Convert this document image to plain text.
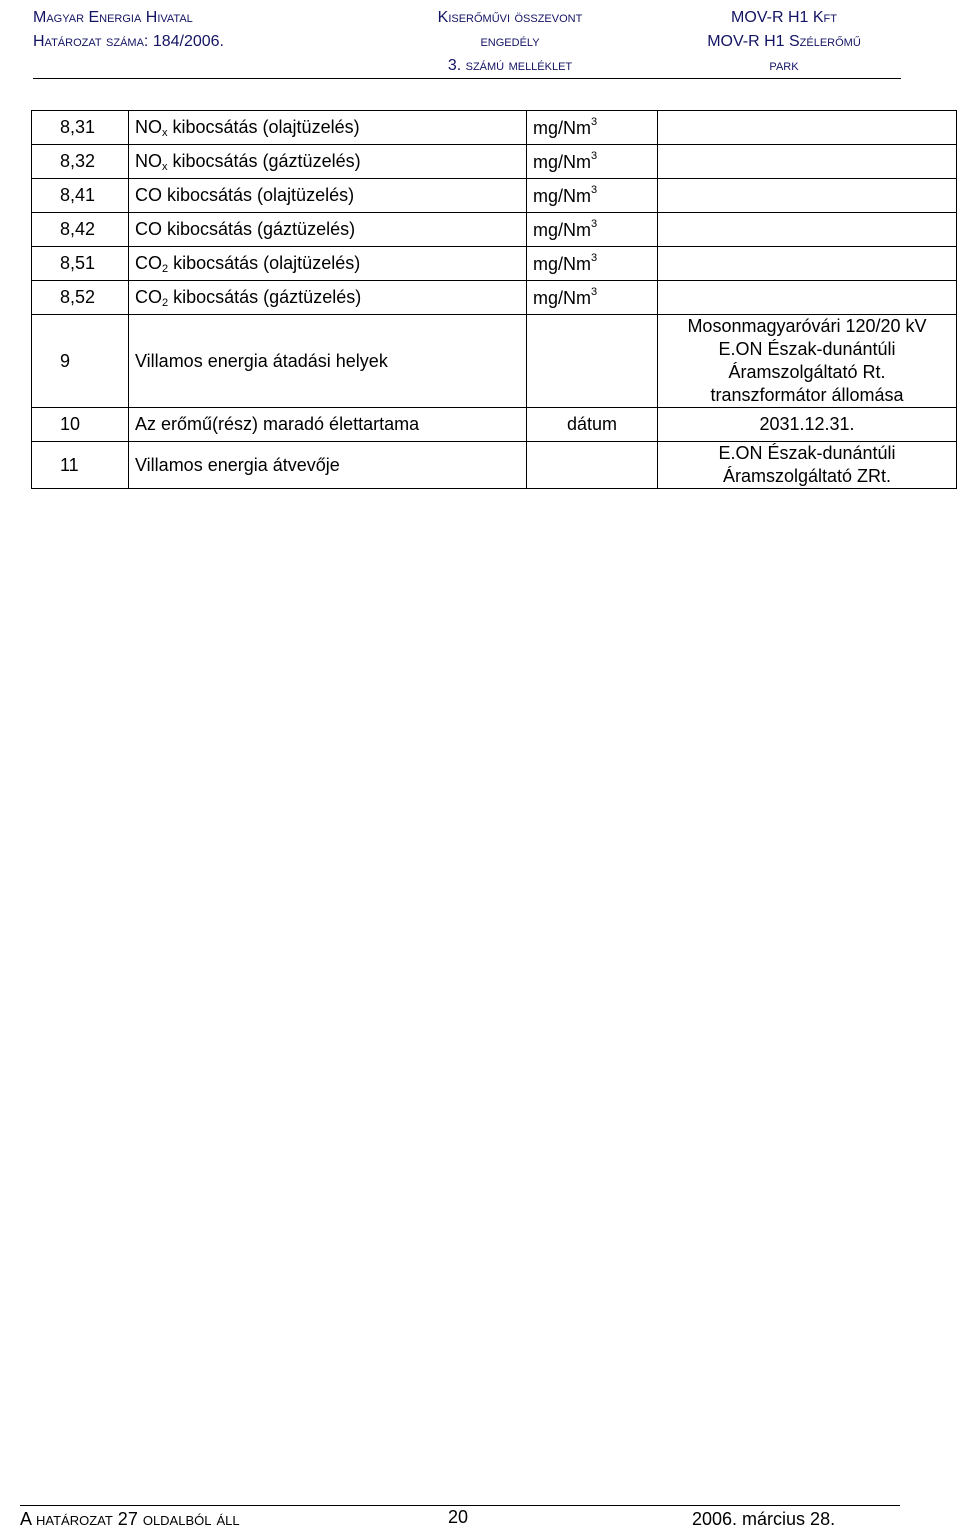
Magyar Energia Hivatal
Határozat száma: 184/2006.
Kiserőművi összevont
engedély
3. számú melléklet
MOV-R H1 Kft
MOV-R H1 Szélerőmű
park
8,31	$NO_x$ kibocsátás (olajtüzelés)	mg/Nm$^3$	
8,32	$NO_x$ kibocsátás (gáztüzelés)	mg/Nm$^3$	
8,41	CO kibocsátás (olajtüzelés)	mg/Nm$^3$	
8,42	CO kibocsátás (gáztüzelés)	mg/Nm$^3$	
8,51	$CO_2$ kibocsátás (olajtüzelés)	mg/Nm$^3$	
8,52	$CO_2$ kibocsátás (gáztüzelés)	mg/Nm$^3$	
9	Villamos energia átadási helyek		Mosonmagyaróvári 120/20 kV
E.ON Észak-dunántúli
Áramszolgáltató Rt.
transzformátor állomása

10	Az erőmű(rész) maradó élettartama	dátum	2031.12.31.
11	Villamos energia átvevője		E.ON Észak-dunántúli
Áramszolgáltató ZRt.
A határozat 27 oldalból áll	20	2006. március 28.
